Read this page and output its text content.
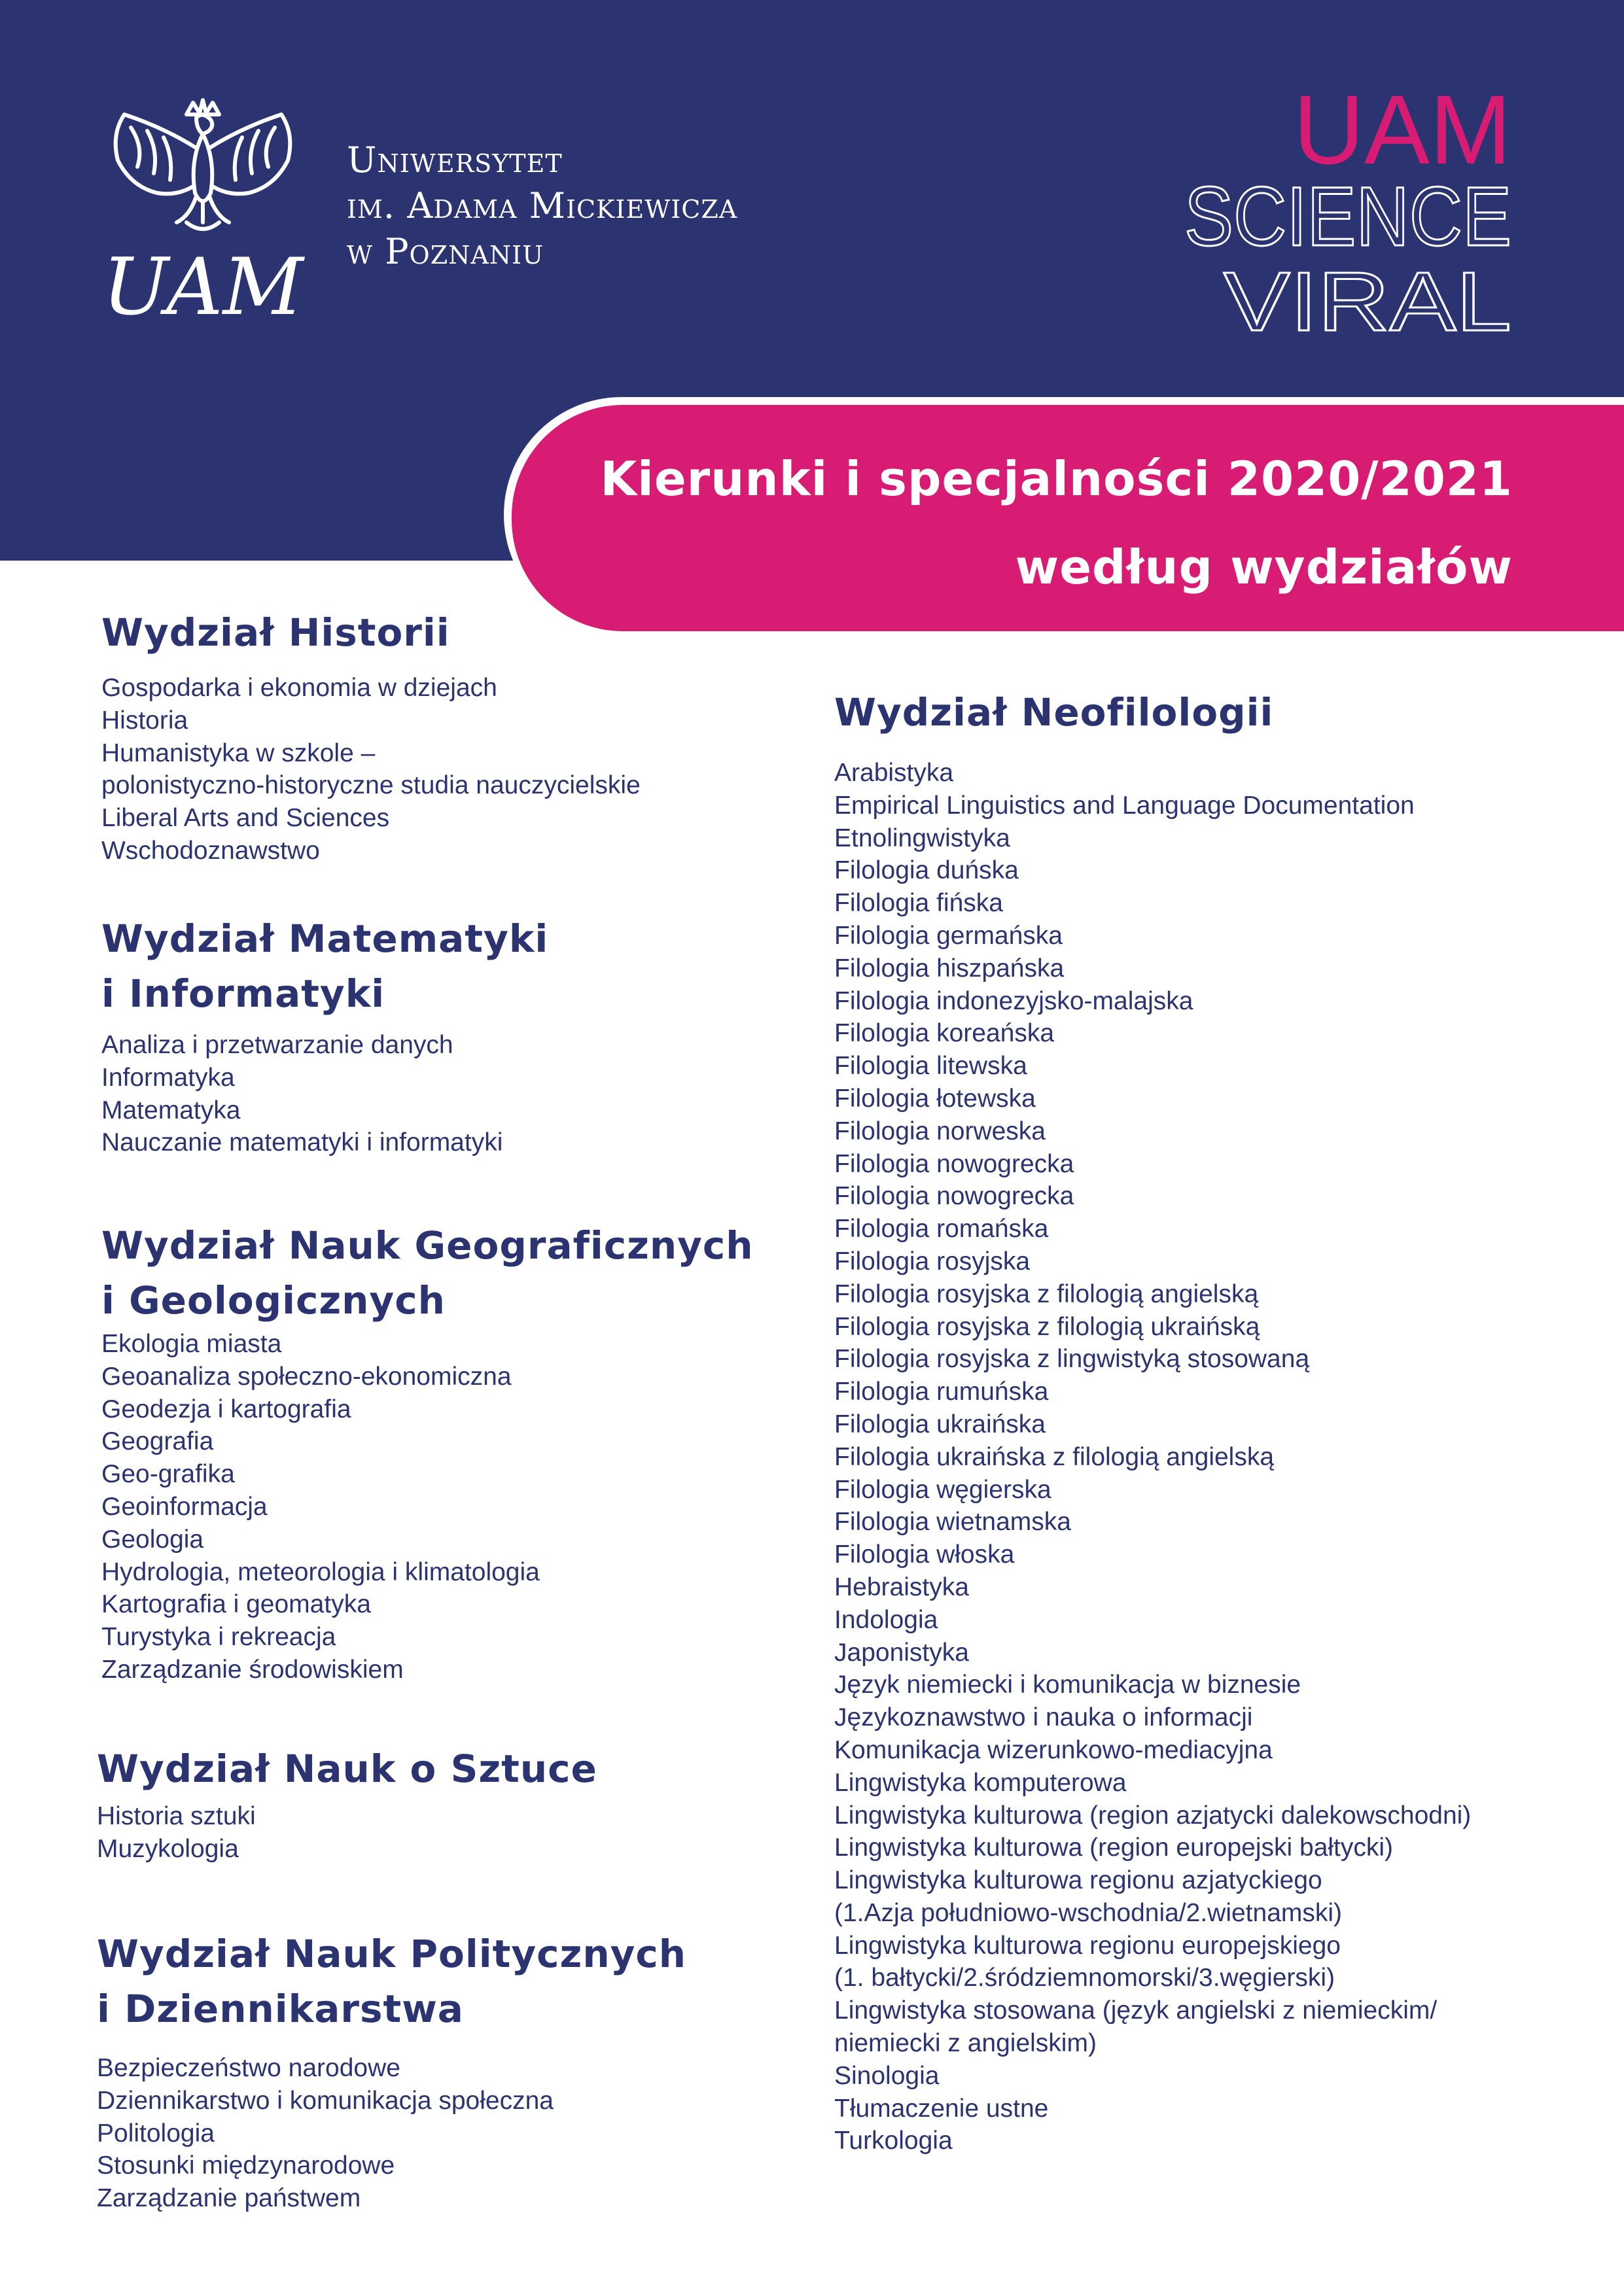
UAM
Uniwersytet
im. Adama Mickiewicza
w Poznaniu
UAM
SCIENCE
VIRAL
Kierunki i specjalności 2020/2021
według wydziałów
Wydział Historii
Gospodarka i ekonomia w dziejach
Historia
Humanistyka w szkole –
polonistyczno-historyczne studia nauczycielskie
Liberal Arts and Sciences
Wschodoznawstwo
Wydział Matematyki
i Informatyki
Analiza i przetwarzanie danych
Informatyka
Matematyka
Nauczanie matematyki i informatyki
Wydział Nauk Geograficznych
i Geologicznych
Ekologia miasta
Geoanaliza społeczno-ekonomiczna
Geodezja i kartografia
Geografia
Geo-grafika
Geoinformacja
Geologia
Hydrologia, meteorologia i klimatologia
Kartografia i geomatyka
Turystyka i rekreacja
Zarządzanie środowiskiem
Wydział Nauk o Sztuce
Historia sztuki
Muzykologia
Wydział Nauk Politycznych
i Dziennikarstwa
Bezpieczeństwo narodowe
Dziennikarstwo i komunikacja społeczna
Politologia
Stosunki międzynarodowe
Zarządzanie państwem
Wydział Neofilologii
Arabistyka
Empirical Linguistics and Language Documentation
Etnolingwistyka
Filologia duńska
Filologia fińska
Filologia germańska
Filologia hiszpańska
Filologia indonezyjsko-malajska
Filologia koreańska
Filologia litewska
Filologia łotewska
Filologia norweska
Filologia nowogrecka
Filologia nowogrecka
Filologia romańska
Filologia rosyjska
Filologia rosyjska z filologią angielską
Filologia rosyjska z filologią ukraińską
Filologia rosyjska z lingwistyką stosowaną
Filologia rumuńska
Filologia ukraińska
Filologia ukraińska z filologią angielską
Filologia węgierska
Filologia wietnamska
Filologia włoska
Hebraistyka
Indologia
Japonistyka
Język niemiecki i komunikacja w biznesie
Językoznawstwo i nauka o informacji
Komunikacja wizerunkowo-mediacyjna
Lingwistyka komputerowa
Lingwistyka kulturowa (region azjatycki dalekowschodni)
Lingwistyka kulturowa (region europejski bałtycki)
Lingwistyka kulturowa regionu azjatyckiego
(1.Azja południowo-wschodnia/2.wietnamski)
Lingwistyka kulturowa regionu europejskiego
(1. bałtycki/2.śródziemnomorski/3.węgierski)
Lingwistyka stosowana (język angielski z niemieckim/
niemiecki z angielskim)
Sinologia
Tłumaczenie ustne
Turkologia
